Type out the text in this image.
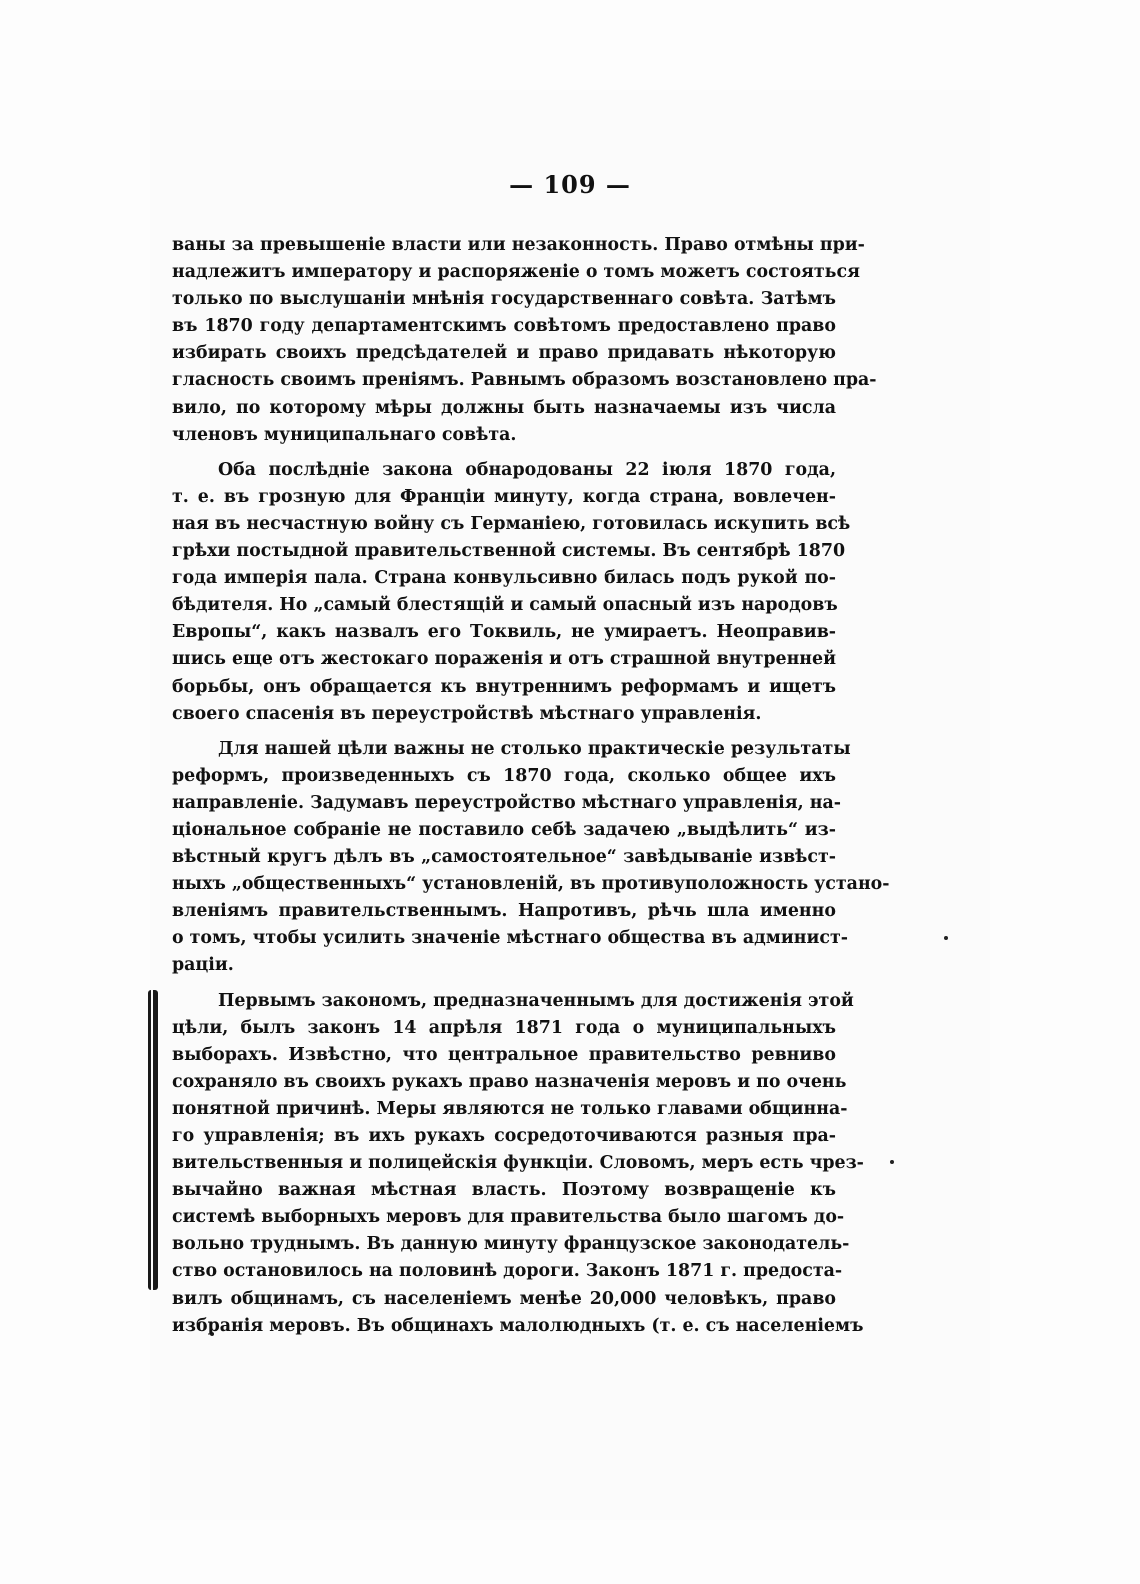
— 109 —
ваны за превышеніе власти или незаконность. Право отмѣны при-
надлежитъ императору и распоряженіе о томъ можетъ состояться
только по выслушаніи мнѣнія государственнаго совѣта. Затѣмъ
въ 1870 году департаментскимъ совѣтомъ предоставлено право
избирать своихъ предсѣдателей и право придавать нѣкоторую
гласность своимъ преніямъ. Равнымъ образомъ возстановлено пра-
вило, по которому мѣры должны быть назначаемы изъ числа
членовъ муниципальнаго совѣта.
Оба послѣдніе закона обнародованы 22 іюля 1870 года,
т. е. въ грозную для Франціи минуту, когда страна, вовлечен-
ная въ несчастную войну съ Германіею, готовилась искупить всѣ
грѣхи постыдной правительственной системы. Въ сентябрѣ 1870
года имперія пала. Страна конвульсивно билась подъ рукой по-
бѣдителя. Но „самый блестящій и самый опасный изъ народовъ
Европы“, какъ назвалъ его Токвиль, не умираетъ. Неоправив-
шись еще отъ жестокаго пораженія и отъ страшной внутренней
борьбы, онъ обращается къ внутреннимъ реформамъ и ищетъ
своего спасенія въ переустройствѣ мѣстнаго управленія.
Для нашей цѣли важны не столько практическіе результаты
реформъ, произведенныхъ съ 1870 года, сколько общее ихъ
направленіе. Задумавъ переустройство мѣстнаго управленія, на-
ціональное собраніе не поставило себѣ задачею „выдѣлить“ из-
вѣстный кругъ дѣлъ въ „самостоятельное“ завѣдываніе извѣст-
ныхъ „общественныхъ“ установленій, въ противуположность устано-
вленіямъ правительственнымъ. Напротивъ, рѣчь шла именно
о томъ, чтобы усилить значеніе мѣстнаго общества въ админист-
раціи.
Первымъ закономъ, предназначеннымъ для достиженія этой
цѣли, былъ законъ 14 апрѣля 1871 года о муниципальныхъ
выборахъ. Извѣстно, что центральное правительство ревниво
сохраняло въ своихъ рукахъ право назначенія меровъ и по очень
понятной причинѣ. Меры являются не только главами общинна-
го управленія; въ ихъ рукахъ сосредоточиваются разныя пра-
вительственныя и полицейскія функціи. Словомъ, меръ есть чрез-
вычайно важная мѣстная власть. Поэтому возвращеніе къ
системѣ выборныхъ меровъ для правительства было шагомъ до-
вольно труднымъ. Въ данную минуту французское законодатель-
ство остановилось на половинѣ дороги. Законъ 1871 г. предоста-
вилъ общинамъ, съ населеніемъ менѣе 20,000 человѣкъ, право
избранія меровъ. Въ общинахъ малолюдныхъ (т. е. съ населеніемъ
